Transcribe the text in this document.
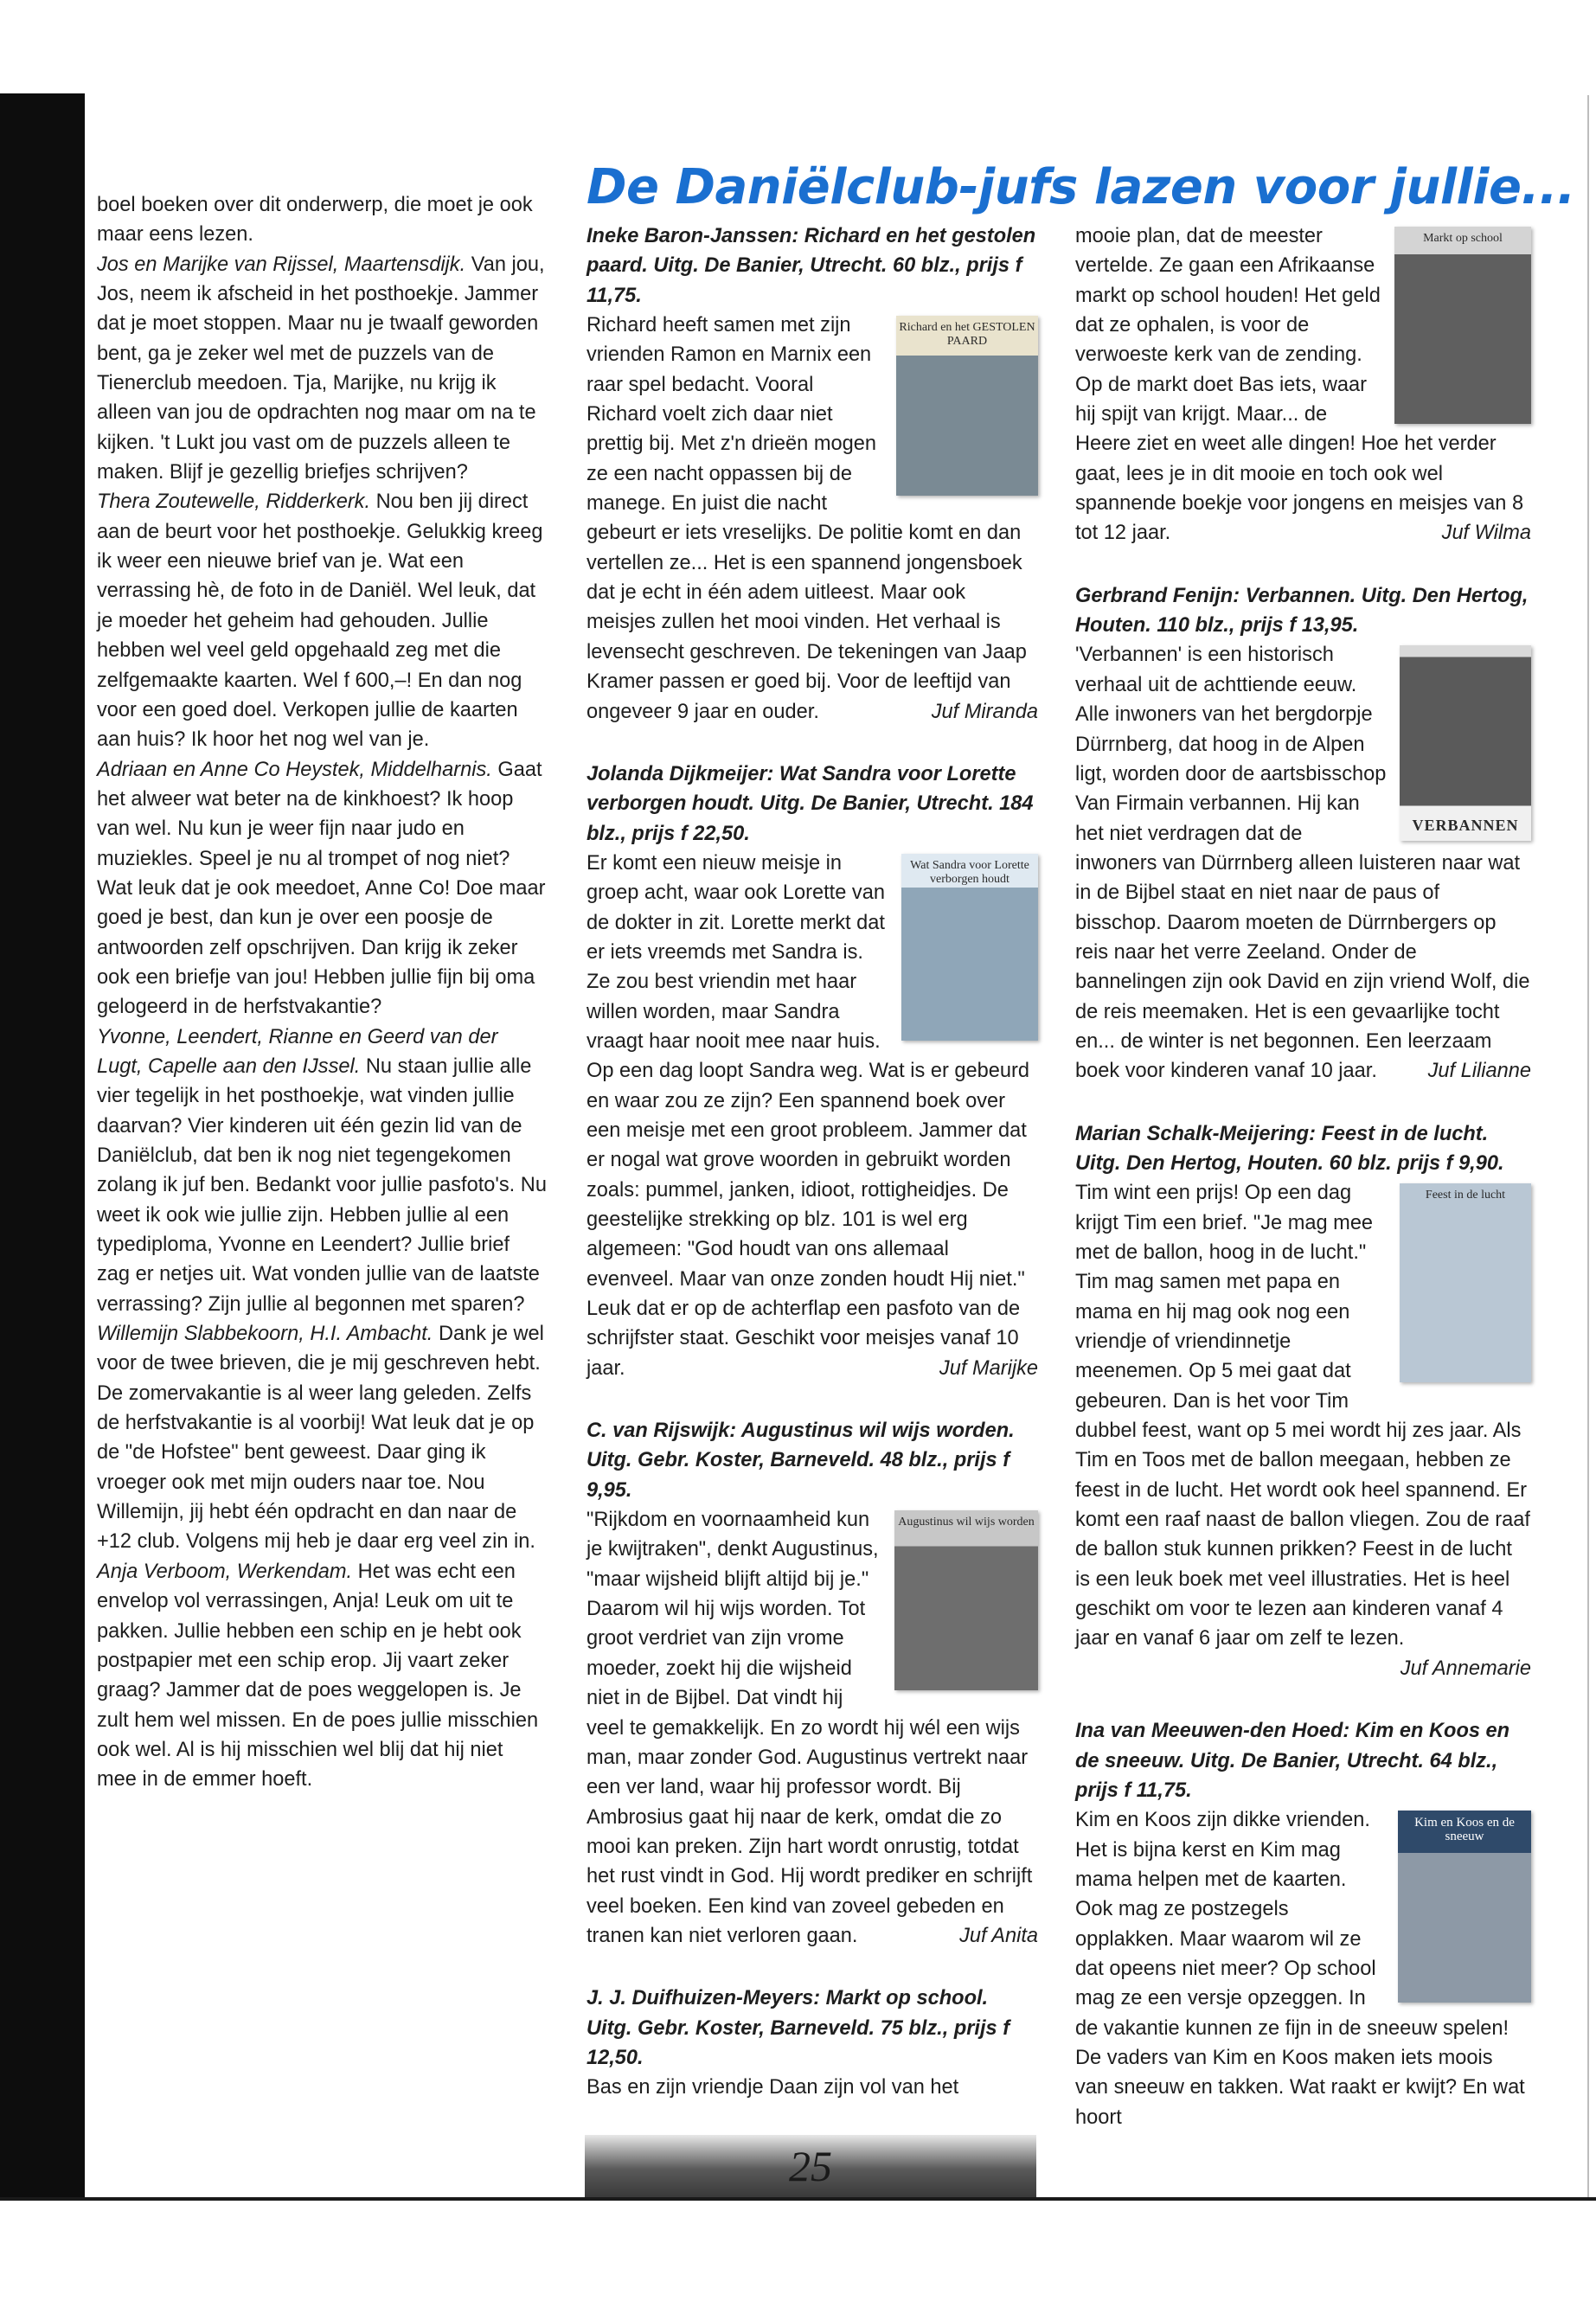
De Daniëlclub-jufs lazen voor jullie...

boel boeken over dit onderwerp, die moet je ook maar eens lezen.

Jos en Marijke van Rijssel, Maartensdijk. Van jou, Jos, neem ik afscheid in het posthoekje. Jammer dat je moet stoppen. Maar nu je twaalf geworden bent, ga je zeker wel met de puzzels van de Tienerclub meedoen. Tja, Marijke, nu krijg ik alleen van jou de opdrachten nog maar om na te kijken. 't Lukt jou vast om de puzzels alleen te maken. Blijf je gezellig briefjes schrijven?

Thera Zoutewelle, Ridderkerk. Nou ben jij direct aan de beurt voor het posthoekje. Gelukkig kreeg ik weer een nieuwe brief van je. Wat een verrassing hè, de foto in de Daniël. Wel leuk, dat je moeder het geheim had gehouden. Jullie hebben wel veel geld opgehaald zeg met die zelfgemaakte kaarten. Wel f 600,–! En dan nog voor een goed doel. Verkopen jullie de kaarten aan huis? Ik hoor het nog wel van je.

Adriaan en Anne Co Heystek, Middelharnis. Gaat het alweer wat beter na de kinkhoest? Ik hoop van wel. Nu kun je weer fijn naar judo en muziekles. Speel je nu al trompet of nog niet? Wat leuk dat je ook meedoet, Anne Co! Doe maar goed je best, dan kun je over een poosje de antwoorden zelf opschrijven. Dan krijg ik zeker ook een briefje van jou! Hebben jullie fijn bij oma gelogeerd in de herfstvakantie?

Yvonne, Leendert, Rianne en Geerd van der Lugt, Capelle aan den IJssel. Nu staan jullie alle vier tegelijk in het posthoekje, wat vinden jullie daarvan? Vier kinderen uit één gezin lid van de Daniëlclub, dat ben ik nog niet tegengekomen zolang ik juf ben. Bedankt voor jullie pasfoto's. Nu weet ik ook wie jullie zijn. Hebben jullie al een typediploma, Yvonne en Leendert? Jullie brief zag er netjes uit. Wat vonden jullie van de laatste verrassing? Zijn jullie al begonnen met sparen?

Willemijn Slabbekoorn, H.I. Ambacht. Dank je wel voor de twee brieven, die je mij geschreven hebt. De zomervakantie is al weer lang geleden. Zelfs de herfstvakantie is al voorbij! Wat leuk dat je op de "de Hofstee" bent geweest. Daar ging ik vroeger ook met mijn ouders naar toe. Nou Willemijn, jij hebt één opdracht en dan naar de +12 club. Volgens mij heb je daar erg veel zin in.

Anja Verboom, Werkendam. Het was echt een envelop vol verrassingen, Anja! Leuk om uit te pakken. Jullie hebben een schip en je hebt ook postpapier met een schip erop. Jij vaart zeker graag? Jammer dat de poes weggelopen is. Je zult hem wel missen. En de poes jullie misschien ook wel. Al is hij misschien wel blij dat hij niet mee in de emmer hoeft.

Ineke Baron-Janssen: Richard en het gestolen paard. Uitg. De Banier, Utrecht. 60 blz., prijs f 11,75.

Richard en het GESTOLEN PAARD

Richard heeft samen met zijn vrienden Ramon en Marnix een raar spel bedacht. Vooral Richard voelt zich daar niet prettig bij. Met z'n drieën mogen ze een nacht oppassen bij de manege. En juist die nacht gebeurt er iets vreselijks. De politie komt en dan vertellen ze... Het is een spannend jongensboek dat je echt in één adem uitleest. Maar ook meisjes zullen het mooi vinden. Het verhaal is levensecht geschreven. De tekeningen van Jaap Kramer passen er goed bij. Voor de leeftijd van ongeveer 9 jaar en ouder.	Juf Miranda

Jolanda Dijkmeijer: Wat Sandra voor Lorette verborgen houdt. Uitg. De Banier, Utrecht. 184 blz., prijs f 22,50.

Wat Sandra voor Lorette verborgen houdt

Er komt een nieuw meisje in groep acht, waar ook Lorette van de dokter in zit. Lorette merkt dat er iets vreemds met Sandra is. Ze zou best vriendin met haar willen worden, maar Sandra vraagt haar nooit mee naar huis. Op een dag loopt Sandra weg. Wat is er gebeurd en waar zou ze zijn? Een spannend boek over een meisje met een groot probleem. Jammer dat er nogal wat grove woorden in gebruikt worden zoals: pummel, janken, idioot, rottigheidjes. De geestelijke strekking op blz. 101 is wel erg algemeen: "God houdt van ons allemaal evenveel. Maar van onze zonden houdt Hij niet." Leuk dat er op de achterflap een pasfoto van de schrijfster staat. Geschikt voor meisjes vanaf 10 jaar.	Juf Marijke

C. van Rijswijk: Augustinus wil wijs worden. Uitg. Gebr. Koster, Barneveld. 48 blz., prijs f 9,95.

Augustinus wil wijs worden

"Rijkdom en voornaamheid kun je kwijtraken", denkt Augustinus, "maar wijsheid blijft altijd bij je." Daarom wil hij wijs worden. Tot groot verdriet van zijn vrome moeder, zoekt hij die wijsheid niet in de Bijbel. Dat vindt hij veel te gemakkelijk. En zo wordt hij wél een wijs man, maar zonder God. Augustinus vertrekt naar een ver land, waar hij professor wordt. Bij Ambrosius gaat hij naar de kerk, omdat die zo mooi kan preken. Zijn hart wordt onrustig, totdat het rust vindt in God. Hij wordt prediker en schrijft veel boeken. Een kind van zoveel gebeden en tranen kan niet verloren gaan.	Juf Anita

J. J. Duifhuizen-Meyers: Markt op school. Uitg. Gebr. Koster, Barneveld. 75 blz., prijs f 12,50.

Bas en zijn vriendje Daan zijn vol van het

Markt op school

mooie plan, dat de meester vertelde. Ze gaan een Afrikaanse markt op school houden! Het geld dat ze ophalen, is voor de verwoeste kerk van de zending. Op de markt doet Bas iets, waar hij spijt van krijgt. Maar... de Heere ziet en weet alle dingen! Hoe het verder gaat, lees je in dit mooie en toch ook wel spannende boekje voor jongens en meisjes van 8 tot 12 jaar.	Juf Wilma

Gerbrand Fenijn: Verbannen. Uitg. Den Hertog, Houten. 110 blz., prijs f 13,95.

VERBANNEN

'Verbannen' is een historisch verhaal uit de achttiende eeuw. Alle inwoners van het bergdorpje Dürrnberg, dat hoog in de Alpen ligt, worden door de aartsbisschop Van Firmain verbannen. Hij kan het niet verdragen dat de inwoners van Dürrnberg alleen luisteren naar wat in de Bijbel staat en niet naar de paus of bisschop. Daarom moeten de Dürrnbergers op reis naar het verre Zeeland. Onder de bannelingen zijn ook David en zijn vriend Wolf, die de reis meemaken. Het is een gevaarlijke tocht en... de winter is net begonnen. Een leerzaam boek voor kinderen vanaf 10 jaar. Juf Lilianne

Marian Schalk-Meijering: Feest in de lucht. Uitg. Den Hertog, Houten. 60 blz. prijs f 9,90.

Feest in de lucht

Tim wint een prijs! Op een dag krijgt Tim een brief. "Je mag mee met de ballon, hoog in de lucht." Tim mag samen met papa en mama en hij mag ook nog een vriendje of vriendinnetje meenemen. Op 5 mei gaat dat gebeuren. Dan is het voor Tim dubbel feest, want op 5 mei wordt hij zes jaar. Als Tim en Toos met de ballon meegaan, hebben ze feest in de lucht. Het wordt ook heel spannend. Er komt een raaf naast de ballon vliegen. Zou de raaf de ballon stuk kunnen prikken? Feest in de lucht is een leuk boek met veel illustraties. Het is heel geschikt om voor te lezen aan kinderen vanaf 4 jaar en vanaf 6 jaar om zelf te lezen.
Juf Annemarie

Ina van Meeuwen-den Hoed: Kim en Koos en de sneeuw. Uitg. De Banier, Utrecht. 64 blz., prijs f 11,75.

Kim en Koos en de sneeuw

Kim en Koos zijn dikke vrienden. Het is bijna kerst en Kim mag mama helpen met de kaarten. Ook mag ze postzegels opplakken. Maar waarom wil ze dat opeens niet meer? Op school mag ze een versje opzeggen. In de vakantie kunnen ze fijn in de sneeuw spelen! De vaders van Kim en Koos maken iets moois van sneeuw en takken. Wat raakt er kwijt? En wat hoort

25
